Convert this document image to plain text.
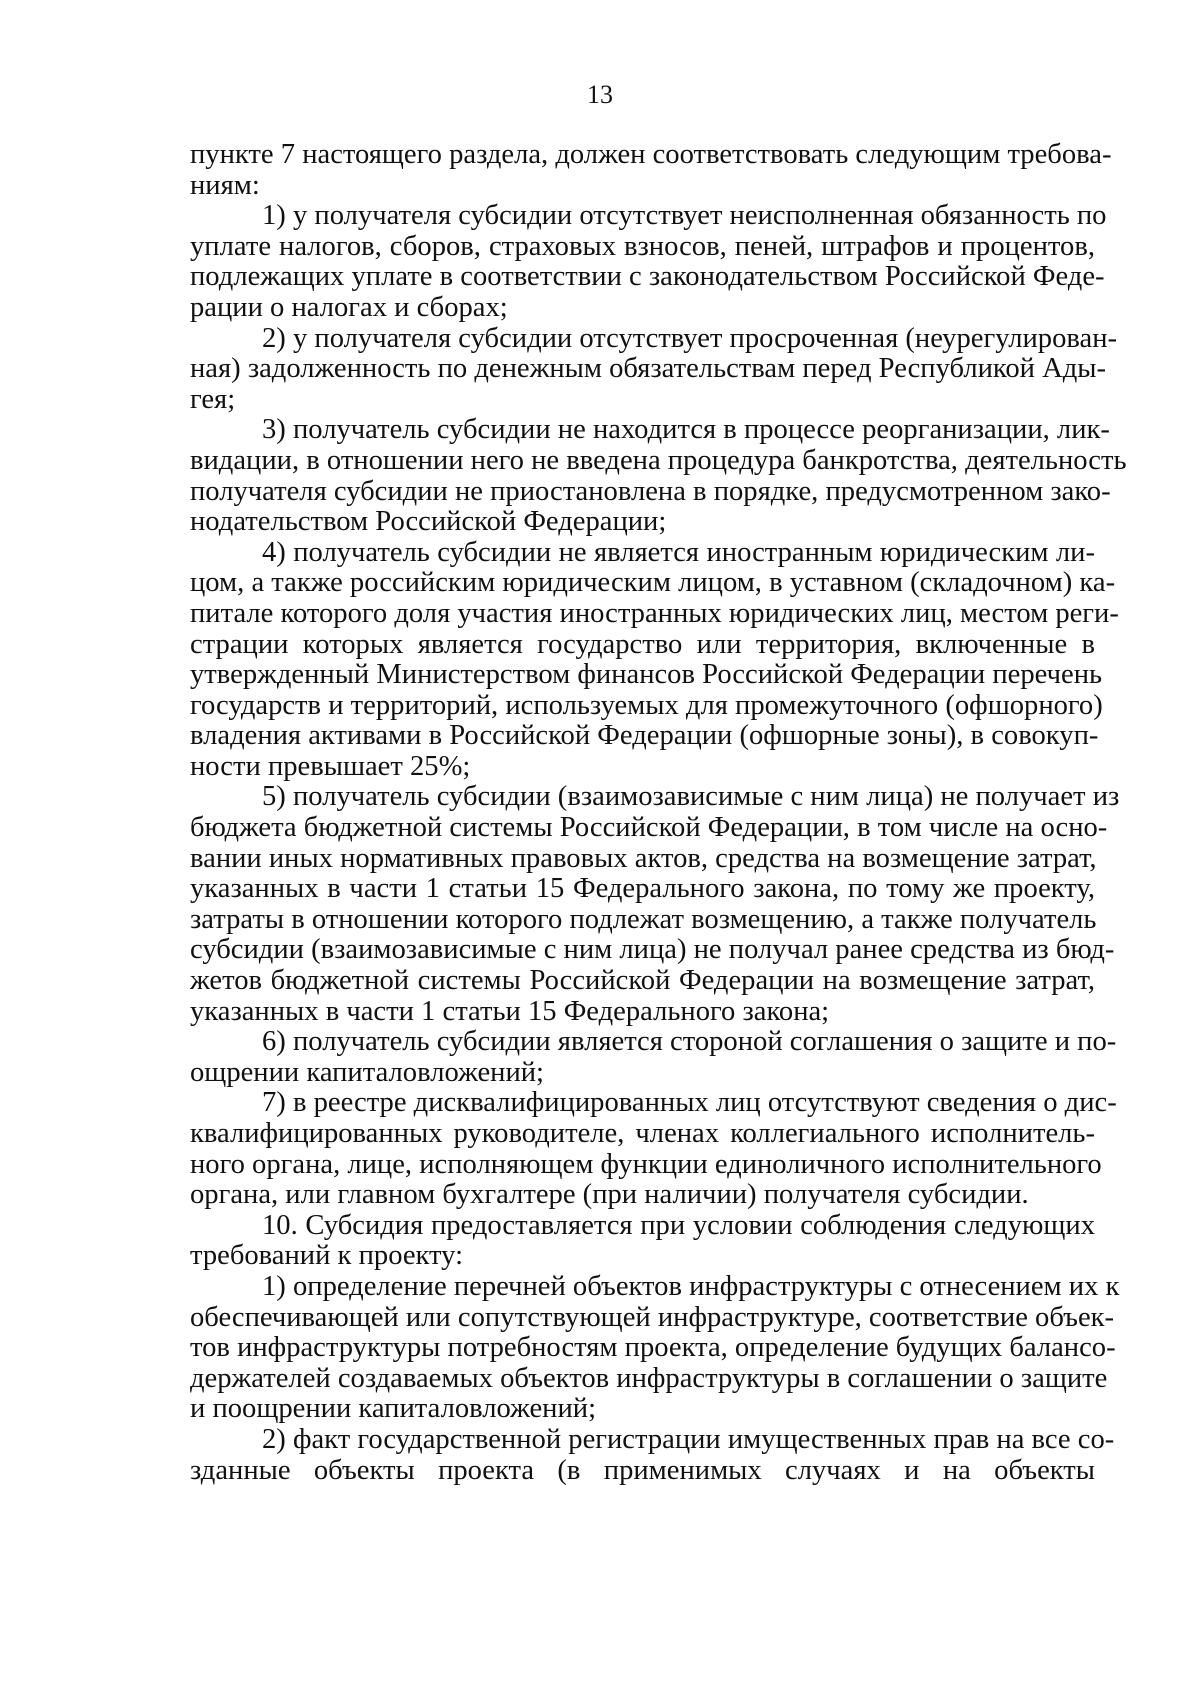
13
пункте 7 настоящего раздела, должен соответствовать следующим требова-
ниям:
1) у получателя субсидии отсутствует неисполненная обязанность по
уплате налогов, сборов, страховых взносов, пеней, штрафов и процентов,
подлежащих уплате в соответствии с законодательством Российской Феде-
рации о налогах и сборах;
2) у получателя субсидии отсутствует просроченная (неурегулирован-
ная) задолженность по денежным обязательствам перед Республикой Ады-
гея;
3) получатель субсидии не находится в процессе реорганизации, лик-
видации, в отношении него не введена процедура банкротства, деятельность
получателя субсидии не приостановлена в порядке, предусмотренном зако-
нодательством Российской Федерации;
4) получатель субсидии не является иностранным юридическим ли-
цом, а также российским юридическим лицом, в уставном (складочном) ка-
питале которого доля участия иностранных юридических лиц, местом реги-
страции которых является государство или территория, включенные в
утвержденный Министерством финансов Российской Федерации перечень
государств и территорий, используемых для промежуточного (офшорного)
владения активами в Российской Федерации (офшорные зоны), в совокуп-
ности превышает 25%;
5) получатель субсидии (взаимозависимые с ним лица) не получает из
бюджета бюджетной системы Российской Федерации, в том числе на осно-
вании иных нормативных правовых актов, средства на возмещение затрат,
указанных в части 1 статьи 15 Федерального закона, по тому же проекту,
затраты в отношении которого подлежат возмещению, а также получатель
субсидии (взаимозависимые с ним лица) не получал ранее средства из бюд-
жетов бюджетной системы Российской Федерации на возмещение затрат,
указанных в части 1 статьи 15 Федерального закона;
6) получатель субсидии является стороной соглашения о защите и по-
ощрении капиталовложений;
7) в реестре дисквалифицированных лиц отсутствуют сведения о дис-
квалифицированных руководителе, членах коллегиального исполнитель-
ного органа, лице, исполняющем функции единоличного исполнительного
органа, или главном бухгалтере (при наличии) получателя субсидии.
10. Субсидия предоставляется при условии соблюдения следующих
требований к проекту:
1) определение перечней объектов инфраструктуры с отнесением их к
обеспечивающей или сопутствующей инфраструктуре, соответствие объек-
тов инфраструктуры потребностям проекта, определение будущих балансо-
держателей создаваемых объектов инфраструктуры в соглашении о защите
и поощрении капиталовложений;
2) факт государственной регистрации имущественных прав на все со-
зданные объекты проекта (в применимых случаях и на объекты
